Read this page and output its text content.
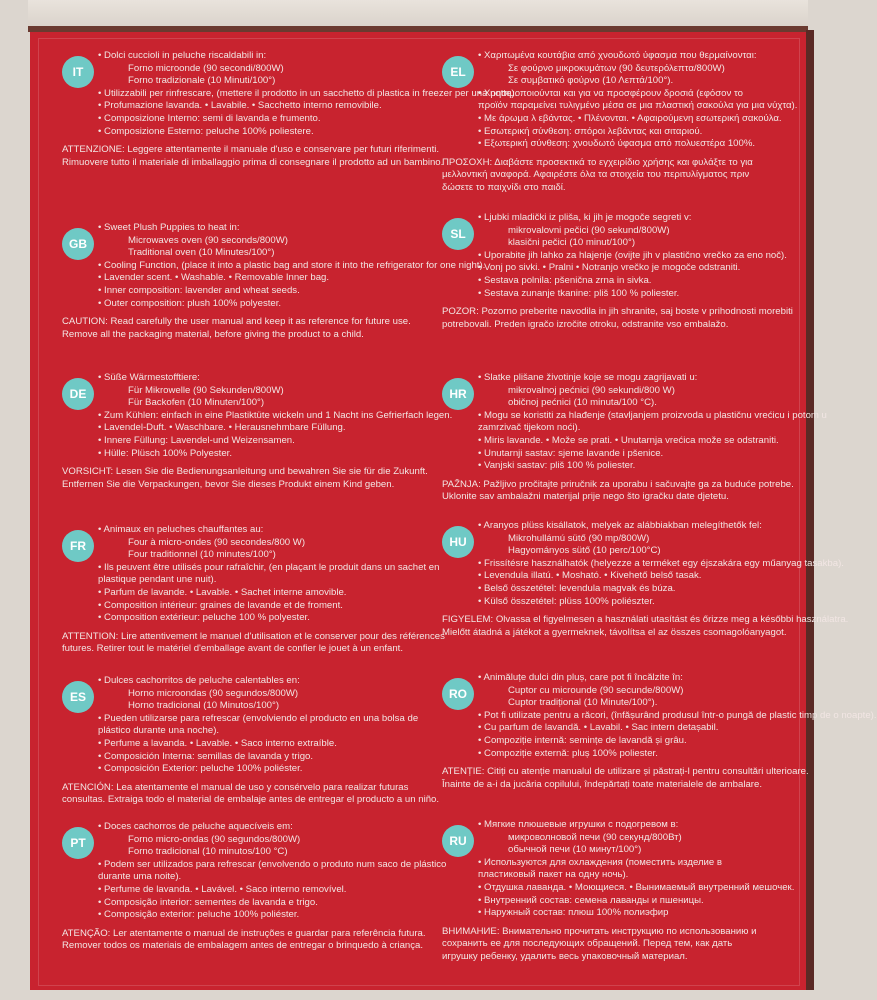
IT
• Dolci cuccioli in peluche riscaldabili in:
Forno microonde (90 secondi/800W)
Forno tradizionale (10 Minuti/100°)
• Utilizzabili per rinfrescare, (mettere il prodotto in un sacchetto di plastica in freezer per una notte).
• Profumazione lavanda. • Lavabile. • Sacchetto interno removibile.
• Composizione Interno: semi di lavanda e frumento.
• Composizione Esterno: peluche 100% poliestere.
ATTENZIONE: Leggere attentamente il manuale d'uso e conservare per futuri riferimenti.
Rimuovere tutto il materiale di imballaggio prima di consegnare il prodotto ad un bambino.
GB
• Sweet Plush Puppies to heat in:
Microwaves oven (90 seconds/800W)
Traditional oven (10 Minutes/100°)
• Cooling Function, (place it into a plastic bag and store it into the refrigerator for one night).
• Lavender scent. • Washable. • Removable Inner bag.
• Inner composition: lavender and wheat seeds.
• Outer composition: plush 100% polyester.
CAUTION: Read carefully the user manual and keep it as reference for future use.
Remove all the packaging material, before giving the product to a child.
DE
• Süße Wärmestofftiere:
Für Mikrowelle (90 Sekunden/800W)
Für Backofen (10 Minuten/100°)
• Zum Kühlen: einfach in eine Plastiktüte wickeln und 1 Nacht ins Gefrierfach legen.
• Lavendel-Duft. • Waschbare. • Herausnehmbare Füllung.
• Innere Füllung: Lavendel-und Weizensamen.
• Hülle: Plüsch 100% Polyester.
VORSICHT: Lesen Sie die Bedienungsanleitung und bewahren Sie sie für die Zukunft.
Entfernen Sie die Verpackungen, bevor Sie dieses Produkt einem Kind geben.
FR
• Animaux en peluches chauffantes au:
Four à micro-ondes (90 secondes/800 W)
Four traditionnel (10 minutes/100°)
• Ils peuvent être utilisés pour rafraîchir, (en plaçant le produit dans un sachet en
plastique pendant une nuit).
• Parfum de lavande. • Lavable. • Sachet interne amovible.
• Composition intérieur: graines de lavande et de froment.
• Composition extérieur: peluche 100 % polyester.
ATTENTION: Lire attentivement le manuel d'utilisation et le conserver pour des références
futures. Retirer tout le matériel d'emballage avant de confier le jouet à un enfant.
ES
• Dulces cachorritos de peluche calentables en:
Horno microondas (90 segundos/800W)
Horno tradicional (10 Minutos/100°)
• Pueden utilizarse para refrescar (envolviendo el producto en una bolsa de
plástico durante una noche).
• Perfume a lavanda. • Lavable. • Saco interno extraíble.
• Composición Interna: semillas de lavanda y trigo.
• Composición Exterior: peluche 100% poliéster.
ATENCIÓN: Lea atentamente el manual de uso y consérvelo para realizar futuras
consultas. Extraiga todo el material de embalaje antes de entregar el producto a un niño.
PT
• Doces cachorros de peluche aquecíveis em:
Forno micro-ondas (90 segundos/800W)
Forno tradicional (10 minutos/100 °C)
• Podem ser utilizados para refrescar (envolvendo o produto num saco de plástico
durante uma noite).
• Perfume de lavanda. • Lavável. • Saco interno removível.
• Composição interior: sementes de lavanda e trigo.
• Composição exterior: peluche 100% poliéster.
ATENÇÃO: Ler atentamente o manual de instruções e guardar para referência futura.
Remover todos os materiais de embalagem antes de entregar o brinquedo à criança.
EL
• Χαριτωμένα κουτάβια από χνουδωτό ύφασμα που θερμαίνονται:
Σε φούρνο μικροκυμάτων (90 δευτερόλεπτα/800W)
Σε συμβατικό φούρνο (10 Λεπτά/100°).
• Χρησιμοποιούνται και για να προσφέρουν δροσιά (εφόσον το
προϊόν παραμείνει τυλιγμένο μέσα σε μια πλαστική σακούλα για μια νύχτα).
• Με άρωμα λ εβάντας. • Πλένονται. • Αφαιρούμενη εσωτερική σακούλα.
• Εσωτερική σύνθεση: σπόροι λεβάντας και σιταριού.
• Εξωτερική σύνθεση: χνουδωτό ύφασμα από πολυεστέρα 100%.
ΠΡΟΣΟΧΗ: Διαβάστε προσεκτικά το εγχειρίδιο χρήσης και φυλάξτε το για
μελλοντική αναφορά. Αφαιρέστε όλα τα στοιχεία του περιτυλίγματος πριν
δώσετε το παιχνίδι στο παιδί.
SL
• Ljubki mladički iz pliša, ki jih je mogoče segreti v:
mikrovalovni pečici (90 sekund/800W)
klasični pečici (10 minut/100°)
• Uporabite jih lahko za hlajenje (ovijte jih v plastično vrečko za eno noč).
• Vonj po sivki. • Pralni • Notranjo vrečko je mogoče odstraniti.
• Sestava polnila: pšenična zrna in sivka.
• Sestava zunanje tkanine: pliš 100 % poliester.
POZOR: Pozorno preberite navodila in jih shranite, saj boste v prihodnosti morebiti
potrebovali. Preden igračo izročite otroku, odstranite vso embalažo.
HR
• Slatke plišane životinje koje se mogu zagrijavati u:
mikrovalnoj pećnici (90 sekundi/800 W)
običnoj pećnici (10 minuta/100 °C).
• Mogu se koristiti za hlađenje (stavljanjem proizvoda u plastičnu vrećicu i potom u
zamrzivač tijekom noći).
• Miris lavande. • Može se prati. • Unutarnja vrećica može se odstraniti.
• Unutarnji sastav: sjeme lavande i pšenice.
• Vanjski sastav: pliš 100 % poliester.
PAŽNJA: Pažljivo pročitajte priručnik za uporabu i sačuvajte ga za buduće potrebe.
Uklonite sav ambalažni materijal prije nego što igračku date djetetu.
HU
• Aranyos plüss kisállatok, melyek az alábbiakban melegíthetők fel:
Mikrohullámú sütő (90 mp/800W)
Hagyományos sütő (10 perc/100°C)
• Frissítésre használhatók (helyezze a terméket egy éjszakára egy műanyag tasakba).
• Levendula illatú. • Mosható. • Kivehető belső tasak.
• Belső összetétel: levendula magvak és búza.
• Külső összetétel: plüss 100% poliészter.
FIGYELEM: Olvassa el figyelmesen a használati utasítást és őrizze meg a későbbi használatra.
Mielőtt átadná a játékot a gyermeknek, távolítsa el az összes csomagolóanyagot.
RO
• Animăluțe dulci din pluș, care pot fi încălzite în:
Cuptor cu microunde (90 secunde/800W)
Cuptor tradițional (10 Minute/100°).
• Pot fi utilizate pentru a răcori, (înfășurând produsul într-o pungă de plastic timp de o noapte).
• Cu parfum de lavandă. • Lavabil. • Sac intern detașabil.
• Compoziție internă: semințe de lavandă și grâu.
• Compoziție externă: pluș 100% poliester.
ATENȚIE: Citiți cu atenție manualul de utilizare și păstrați-l pentru consultări ulterioare.
Înainte de a-i da jucăria copilului, îndepărtați toate materialele de ambalare.
RU
• Мягкие плюшевые игрушки с подогревом в:
микроволновой печи (90 секунд/800Вт)
обычной печи (10 минут/100°)
• Используются для охлаждения (поместить изделие в
пластиковый пакет на одну ночь).
• Отдушка лаванда. • Моющиеся. • Вынимаемый внутренний мешочек.
• Внутренний состав: семена лаванды и пшеницы.
• Наружный состав: плюш 100% полиэфир
ВНИМАНИЕ: Внимательно прочитать инструкцию по использованию и
сохранить ее для последующих обращений. Перед тем, как дать
игрушку ребенку, удалить весь упаковочный материал.
